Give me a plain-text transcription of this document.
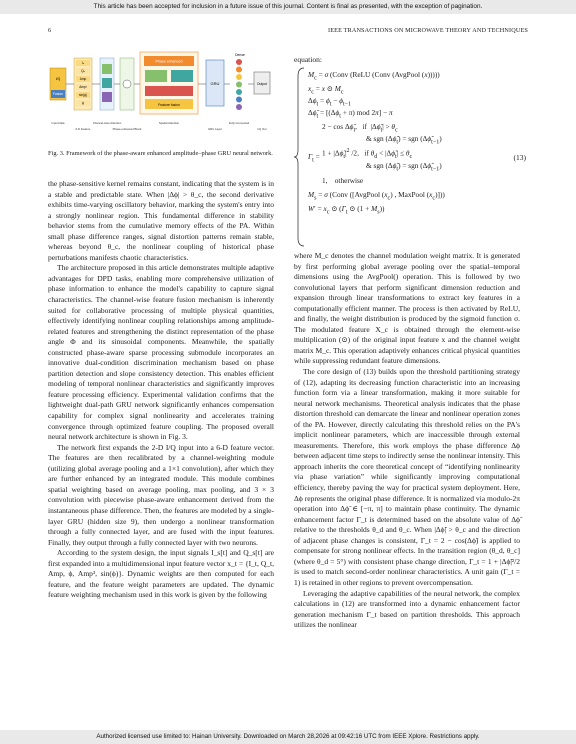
This article has been accepted for inclusion in a future issue of this journal. Content is final as presented, with the exception of pagination.
6	IEEE TRANSACTIONS ON MICROWAVE THEORY AND TECHNIQUES
I/Q
Fusion
Iₙ
Qₙ
Amp
Amp³
sin(ϕ)
ϕ
Phase enhanced
Feature fusion
GRU
Dense
Output
Input Data
6-D Feature
Channel-wise Attention
Phase-enhanced Block
Spatial Attention
GRU Layer
Fully-Connected
I/Q Out
Fig. 3. Framework of the phase-aware enhanced amplitude–phase GRU neural network.

the phase-sensitive kernel remains constant, indicating that the system is in a stable and predictable state. When |Δϕ| > θ_c, the second derivative exhibits time-varying oscillatory behavior, marking the system's entry into a strongly nonlinear region. This fundamental difference in stability behavior stems from the cumulative memory effects of the PA. Within small phase difference ranges, signal distortion patterns remain stable, whereas beyond θ_c, the nonlinear coupling of historical phase perturbations manifests chaotic characteristics.

The architecture proposed in this article demonstrates multiple adaptive advantages for DPD tasks, enabling more comprehensive utilization of phase information to enhance the model's capability to capture signal characteristics. The channel-wise feature fusion mechanism is inherently suited for collaborative processing of multiple physical quantities, effectively identifying nonlinear coupling relationships among amplitude-related features and strengthening the distinct representation of the phase angle Φ and its sinusoidal components. Meanwhile, the spatially constructed phase-aware sparse processing submodule incorporates an innovative dual-condition discrimination mechanism based on phase partition detection and slope consistency detection. This enables efficient modeling of temporal nonlinear characteristics and significantly improves feature processing efficiency. Experimental validation confirms that the lightweight dual-path GRU network significantly enhances compensation capability for complex signal nonlinearity and accelerates training convergence through optimized feature coupling. The proposed overall neural network architecture is shown in Fig. 3.

The network first expands the 2-D I/Q input into a 6-D feature vector. The features are then recalibrated by a channel-weighting module (utilizing global average pooling and a 1×1 convolution), after which they are further enhanced by an integrated module. This module combines spatial weighting based on average pooling, max pooling, and 3 × 3 convolution with piecewise phase-aware enhancement derived from the instantaneous phase difference. Then, the features are modeled by a single-layer GRU (hidden size 9), then undergo a nonlinear transformation through a fully connected layer, and are fused with the input features. Finally, they output through a fully connected layer with two neurons.

According to the system design, the input signals I_s[t] and Q_s[t] are first expanded into a multidimensional input feature vector x_t = {I_t, Q_t, Amp, ϕ, Amp³, sin(ϕ)}. Dynamic weights are then computed for each feature, and the feature weight parameters are updated. The dynamic feature weighting mechanism used in this work is given by the following

equation:

$M_c = \sigma$ (Conv (ReLU (Conv (AvgPool (x)))))
$x_c = x$ ⊙ $M_c$
$\Delta\phi_t = \phi_t - \phi_{t-1}$
$\Delta\phĩ_t = [(\Delta\phi_t + \pi)$ mod 2π] − π
$\Gamma_t$ =
$2 - \cos \Delta\phĩ_t$,   if  $|\Delta\phĩ_t| > \theta_c$
& sgn $(\Delta\phĩ_t)$ = sgn $(\Delta\phĩ_{t-1})$
$1 + |\Delta\phĩ_t|^2$ /2,   if $\theta_d$ < $|\Delta\phĩ_t| \le \theta_c$
& sgn $(\Delta\phĩ_t)$ = sgn $(\Delta\phĩ_{t-1})$
1,    otherwise
$M_s = \sigma$ (Conv ([AvgPool $(x_c)$ , MaxPool $(x_c)$]))
$W' = x_c$ ⊙ ($\Gamma_t$ ⊙ $(1 + M_s)$)
(13)

where M_c denotes the channel modulation weight matrix. It is generated by first performing global average pooling over the spatial–temporal dimensions using the AvgPool() operation. This is followed by two convolutional layers that perform significant dimension reduction and expansion through linear transformations to extract key features in a computationally efficient manner. The process is then activated by ReLU, and finally, the weight distribution is produced by the sigmoid function σ. The modulated feature X_c is obtained through the element-wise multiplication (⊙) of the original input feature x and the channel weight matrix M_c. This operation adaptively enhances critical physical quantities while suppressing redundant feature dimensions.

The core design of (13) builds upon the threshold partitioning strategy of (12), adapting its decreasing function characteristic into an increasing function form via a linear transformation, making it more suitable for neural network mechanisms. Theoretical analysis indicates that the phase distortion threshold can demarcate the linear and nonlinear operation zones of the PA. However, directly calculating this threshold relies on the PA's implicit nonlinear parameters, which are inaccessible through external measurements. Therefore, this work employs the phase difference Δϕ between adjacent time steps to indirectly sense the nonlinear intensity. This approach inherits the core theoretical concept of “identifying nonlinearity via phase variation” while significantly improving computational efficiency, thereby paving the way for practical system deployment. Here, Δϕ represents the original phase difference. It is normalized via modulo-2π operation into Δϕ̃ ∈ [−π, π] to maintain phase continuity. The dynamic enhancement factor Γ_t is determined based on the absolute value of Δϕ̃ relative to the thresholds θ_d and θ_c. When |Δϕ̃| > θ_c and the direction of adjacent phase changes is consistent, Γ_t = 2 − cos(Δϕ̃) is applied to compensate for strong nonlinear effects. In the transition region (θ_d, θ_c] (where θ_d = 5°) with consistent phase change direction, Γ_t = 1 + |Δϕ̃|²/2 is used to match second-order nonlinear characteristics. A unit gain (Γ_t = 1) is retained in other regions to prevent overcompensation.

Leveraging the adaptive capabilities of the neural network, the complex calculations in (12) are transformed into a dynamic enhancement factor generation mechanism Γ_t based on partition thresholds. This approach utilizes the nonlinear

Authorized licensed use limited to: Hainan University. Downloaded on March 28,2026 at 09:42:16 UTC from IEEE Xplore. Restrictions apply.
